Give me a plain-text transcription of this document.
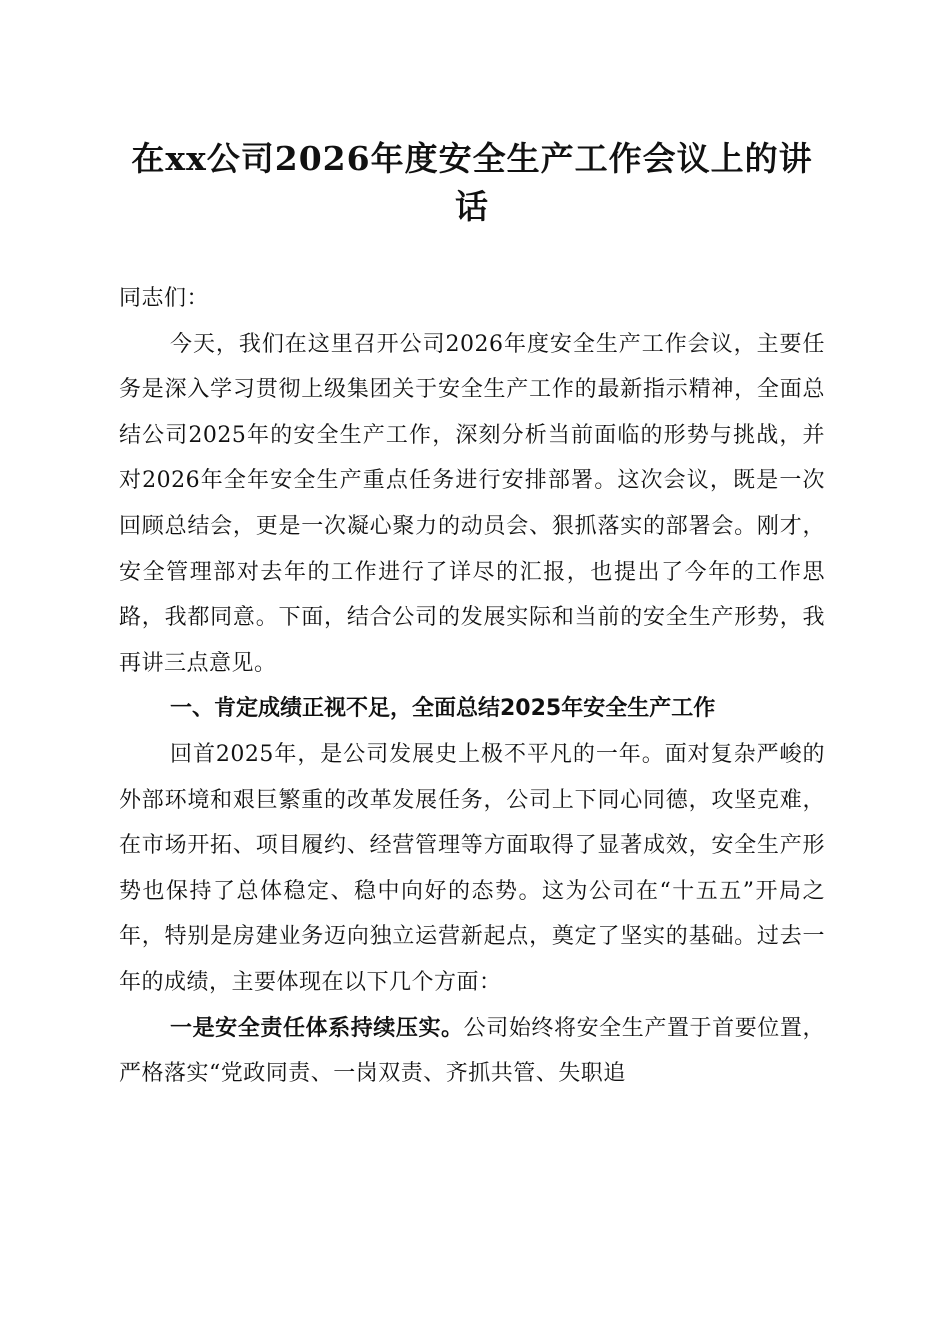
在xx公司2026年度安全生产工作会议上的讲话

同志们：

今天，我们在这里召开公司2026年度安全生产工作会议，主要任务是深入学习贯彻上级集团关于安全生产工作的最新指示精神，全面总结公司2025年的安全生产工作，深刻分析当前面临的形势与挑战，并对2026年全年安全生产重点任务进行安排部署。这次会议，既是一次回顾总结会，更是一次凝心聚力的动员会、狠抓落实的部署会。刚才，安全管理部对去年的工作进行了详尽的汇报，也提出了今年的工作思路，我都同意。下面，结合公司的发展实际和当前的安全生产形势，我再讲三点意见。

一、肯定成绩正视不足，全面总结2025年安全生产工作

回首2025年，是公司发展史上极不平凡的一年。面对复杂严峻的外部环境和艰巨繁重的改革发展任务，公司上下同心同德，攻坚克难，在市场开拓、项目履约、经营管理等方面取得了显著成效，安全生产形势也保持了总体稳定、稳中向好的态势。这为公司在“十五五”开局之年，特别是房建业务迈向独立运营新起点，奠定了坚实的基础。过去一年的成绩，主要体现在以下几个方面：

一是安全责任体系持续压实。公司始终将安全生产置于首要位置，严格落实“党政同责、一岗双责、齐抓共管、失职追
